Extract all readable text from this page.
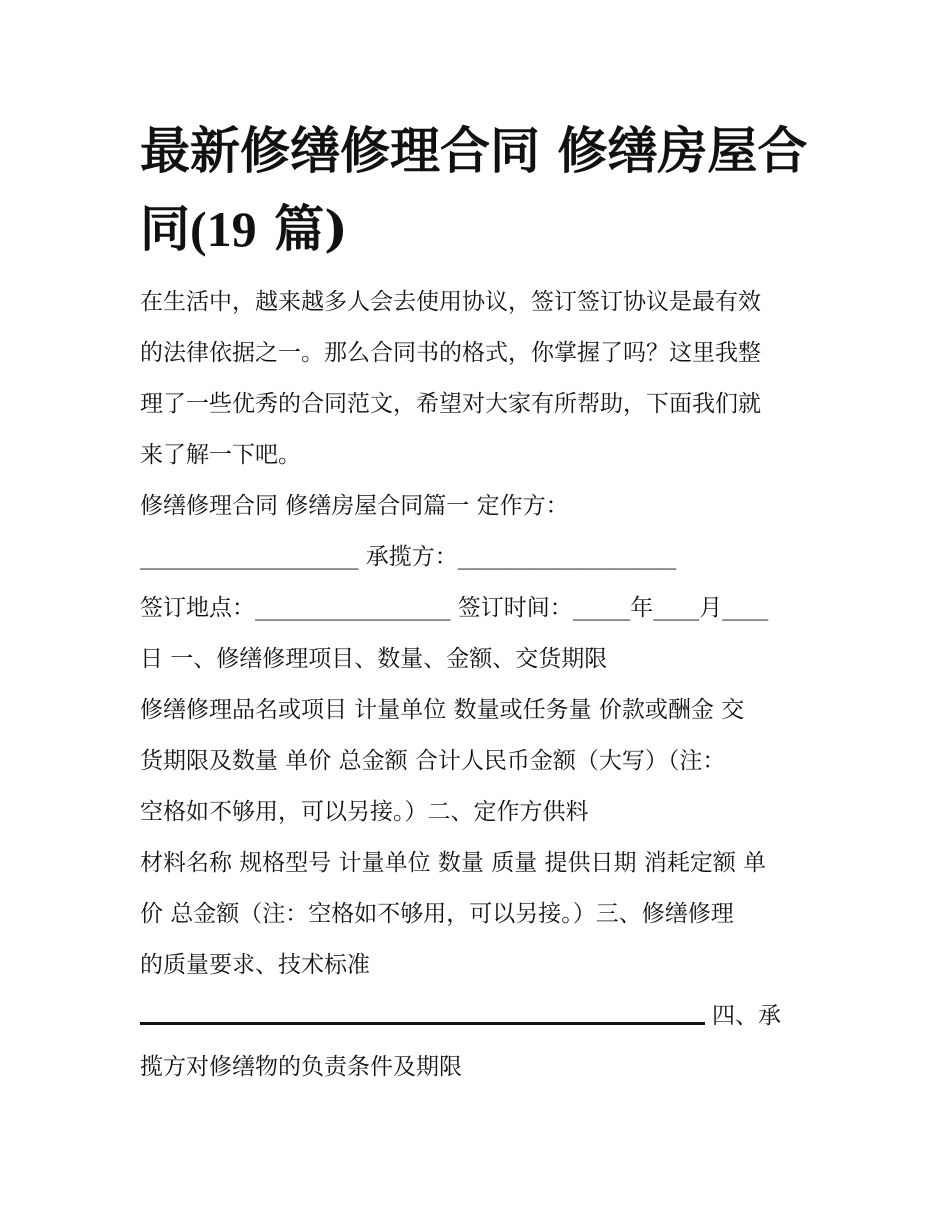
最新修缮修理合同 修缮房屋合
同(19 篇)
在生活中，越来越多人会去使用协议，签订签订协议是最有效
的法律依据之一。那么合同书的格式，你掌握了吗？这里我整
理了一些优秀的合同范文，希望对大家有所帮助，下面我们就
来了解一下吧。
修缮修理合同 修缮房屋合同篇一 定作方：
___________________ 承揽方：___________________
签订地点：_________________ 签订时间：_____年____月____
日 一、修缮修理项目、数量、金额、交货期限
修缮修理品名或项目 计量单位 数量或任务量 价款或酬金 交
货期限及数量 单价 总金额 合计人民币金额（大写）（注：
空格如不够用，可以另接。）二、定作方供料
材料名称 规格型号 计量单位 数量 质量 提供日期 消耗定额 单
价 总金额（注：空格如不够用，可以另接。）三、修缮修理
的质量要求、技术标准
四、承
揽方对修缮物的负责条件及期限
